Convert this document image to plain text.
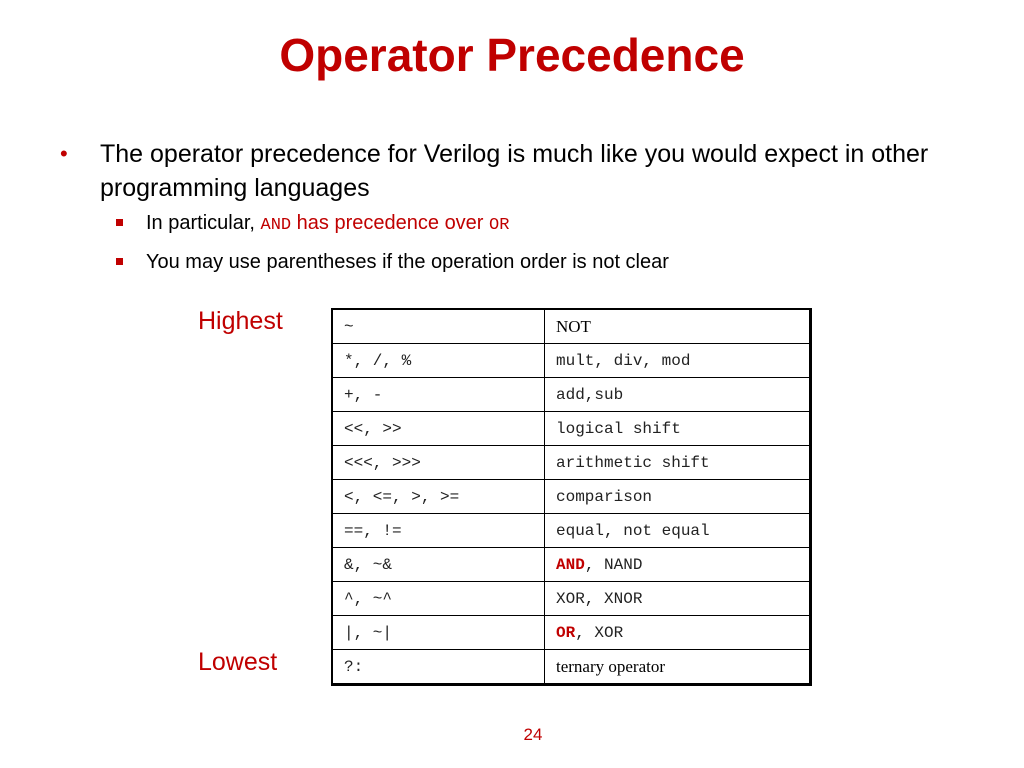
Operator Precedence
• The operator precedence for Verilog is much like you would expect in other programming languages
In particular, AND has precedence over OR
You may use parentheses if the operation order is not clear
Highest
Lowest
~	NOT
*, /, %	mult, div, mod
+, -	add,sub
<<, >>	logical shift
<<<, >>>	arithmetic shift
<, <=, >, >=	comparison
==, !=	equal, not equal
&, ~&	AND, NAND
^, ~^	XOR, XNOR
|, ~|	OR, XOR
?:	ternary operator
24
